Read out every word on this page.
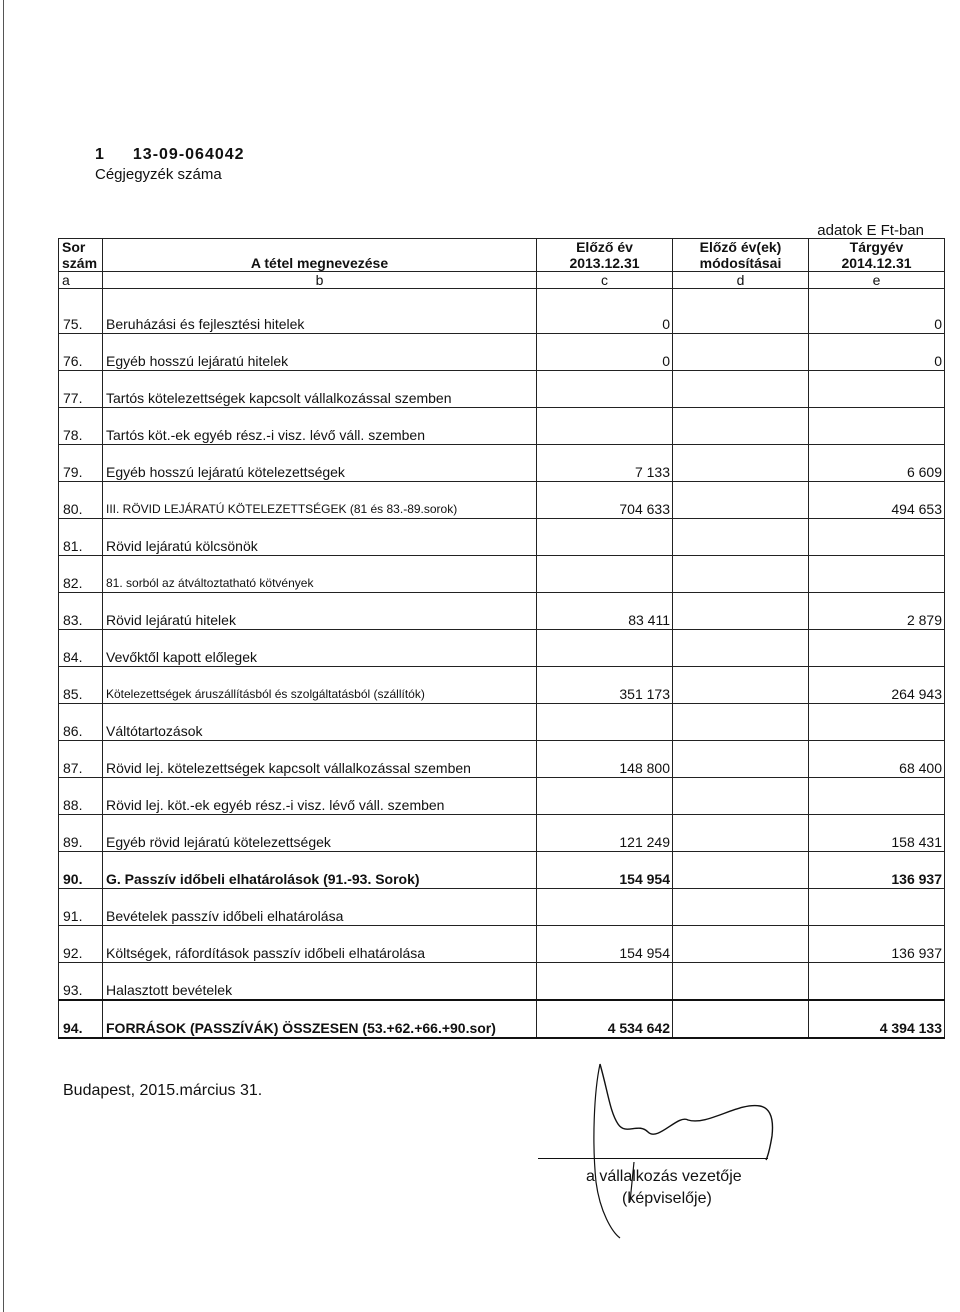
1 13-09-064042
Cégjegyzék száma
adatok E Ft-ban
Sor		Előző év	Előző év(ek)	Tárgyév
szám	A tétel megnevezése	2013.12.31	módosításai	2014.12.31
a	b	c	d	e
75.	Beruházási és fejlesztési hitelek	0		0
76.	Egyéb hosszú lejáratú hitelek	0		0
77.	Tartós kötelezettségek kapcsolt vállalkozással szemben			
78.	Tartós köt.-ek egyéb rész.-i visz. lévő váll. szemben			
79.	Egyéb hosszú lejáratú kötelezettségek	7 133		6 609
80.	III. RÖVID LEJÁRATÚ KÖTELEZETTSÉGEK (81 és 83.-89.sorok)	704 633		494 653
81.	Rövid lejáratú kölcsönök			
82.	81. sorból az átváltoztatható kötvények			
83.	Rövid lejáratú hitelek	83 411		2 879
84.	Vevőktől kapott előlegek			
85.	Kötelezettségek áruszállításból és szolgáltatásból (szállítók)	351 173		264 943
86.	Váltótartozások			
87.	Rövid lej. kötelezettségek kapcsolt vállalkozással szemben	148 800		68 400
88.	Rövid lej. köt.-ek egyéb rész.-i visz. lévő váll. szemben			
89.	Egyéb rövid lejáratú kötelezettségek	121 249		158 431
90.	G. Passzív időbeli elhatárolások (91.-93. Sorok)	154 954		136 937
91.	Bevételek passzív időbeli elhatárolása			
92.	Költségek, ráfordítások passzív időbeli elhatárolása	154 954		136 937
93.	Halasztott bevételek			
94.	FORRÁSOK (PASSZÍVÁK) ÖSSZESEN (53.+62.+66.+90.sor)	4 534 642		4 394 133
Budapest, 2015.március 31.
a vállalkozás vezetője
(képviselője)
